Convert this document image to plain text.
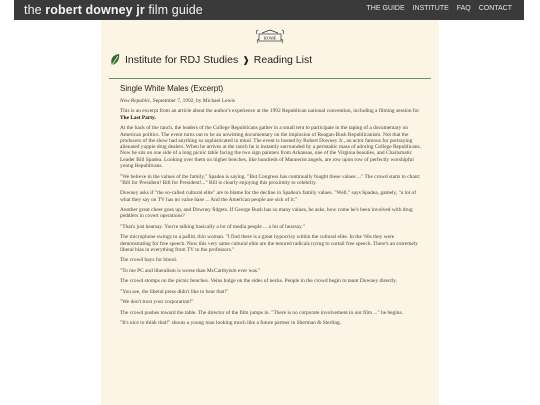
the robert downey jr film guide	THE GUIDE INSTITUTE FAQ CONTACT
HOME
Institute for RDJ Studies ❱ Reading List
Single White Males (Excerpt)

New Republic, September 7, 1992, by Michael Lewis

This is an excerpt from an article about the author's experience at the 1992 Republican national convention, including a filming session for The Last Party.

At the back of the ranch, the leaders of the College Republicans gather in a small tent to participate in the taping of a documentary on American politics. The event turns out to be an unwitting documentary on the implosion of Reagan-Bush Republicanism. Not that the producers of the show had anything so sophisticated in mind. The event is hosted by Robert Downey Jr., an actor famous for portraying alienated yuppie drug dealers. When he arrives at the ranch he is instantly surrounded by a peristaltic mass of adoring College Republicans. Now he sits on one side of a long picnic table facing the two sign painters from Arkansas, one of the Virginia beauties, and Charismatic Leader Bill Spadea. Looking over them on higher benches, like hundreds of Mannerist angels, are row upon row of perfectly worshipful young Republicans.

"We believe in the values of the family," Spadea is saying. "But Congress has continually fought these values ..." The crowd starts to chant: "Bill for President! Bill for President!..." Bill is clearly enjoying this proximity to celebrity.

Downey asks if "the so-called cultural elite" are to blame for the decline in Spadea's family values. "Well," says Spadea, gamely, "a lot of what they say on TV has no value base ... And the American people are sick of it."

Another great cheer goes up, and Downey fidgets. If George Bush has so many values, he asks, how come he's been involved with drug peddlers in covert operations?

"That's just hearsay. You're talking basically a lot of media people ... a lot of hearsay."

The microphone swings to a pallid, thin woman. "I find there is a great hypocrisy within the cultural elite. In the '60s they were demonstrating for free speech. Now this very same cultural elite are the tenured radicals trying to curtail free speech. There's an extremely liberal bias in everything from TV to the professors."

The crowd bays for blood.

"To me PC and liberalism is worse than McCarthyism ever was."

The crowd stomps on the picnic benches. Veins bulge on the sides of necks. People in the crowd begin to taunt Downey directly.

"You see, the liberal press didn't like to hear that!"

"We don't trust your corporation!"

The crowd pushes toward the table. The director of the film jumps in. "There is no corporate involvement in our film ..." he begins.

"It's nice to think that!" shouts a young man looking much like a future partner in Sherman & Sterling.
